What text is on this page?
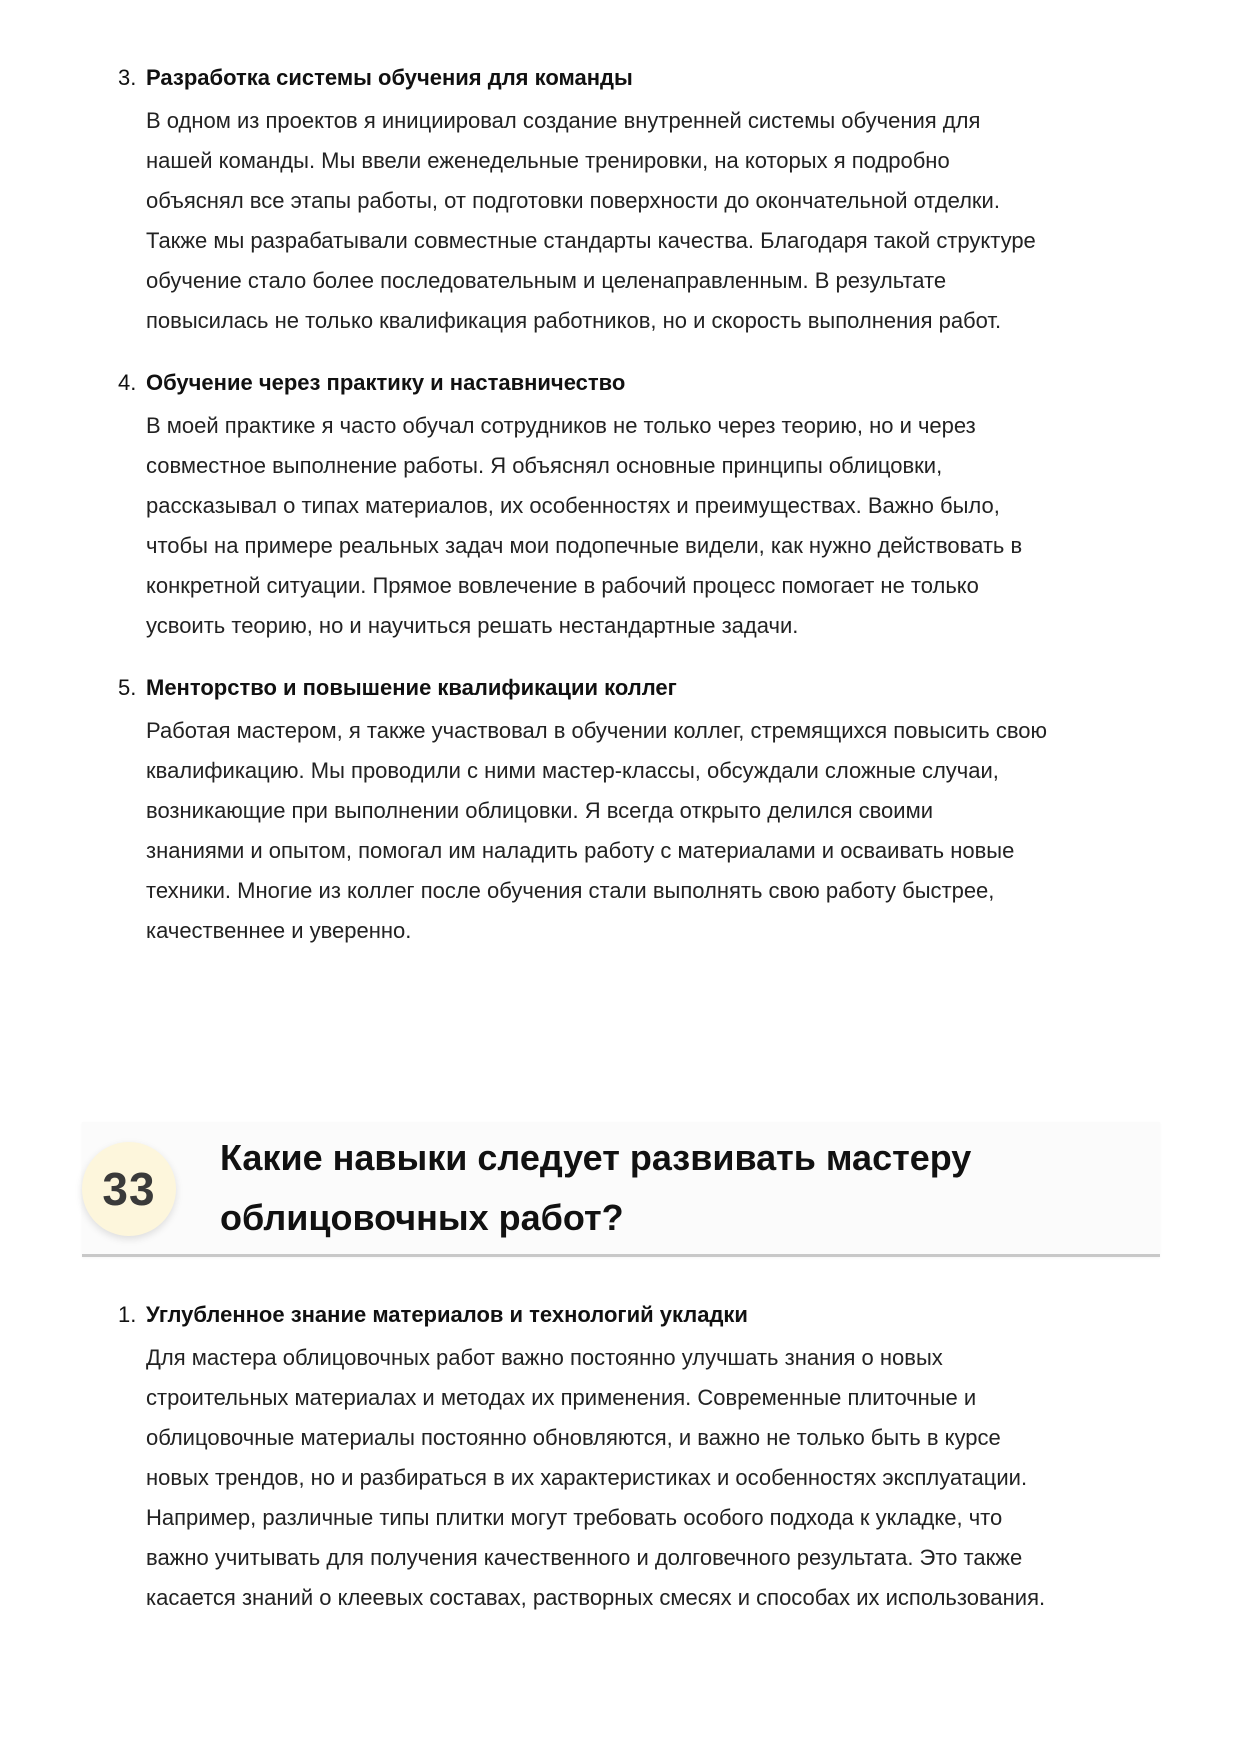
3. Разработка системы обучения для команды

В одном из проектов я инициировал создание внутренней системы обучения для
нашей команды. Мы ввели еженедельные тренировки, на которых я подробно
объяснял все этапы работы, от подготовки поверхности до окончательной отделки.
Также мы разрабатывали совместные стандарты качества. Благодаря такой структуре
обучение стало более последовательным и целенаправленным. В результате
повысилась не только квалификация работников, но и скорость выполнения работ.

4. Обучение через практику и наставничество

В моей практике я часто обучал сотрудников не только через теорию, но и через
совместное выполнение работы. Я объяснял основные принципы облицовки,
рассказывал о типах материалов, их особенностях и преимуществах. Важно было,
чтобы на примере реальных задач мои подопечные видели, как нужно действовать в
конкретной ситуации. Прямое вовлечение в рабочий процесс помогает не только
усвоить теорию, но и научиться решать нестандартные задачи.

5. Менторство и повышение квалификации коллег

Работая мастером, я также участвовал в обучении коллег, стремящихся повысить свою
квалификацию. Мы проводили с ними мастер-классы, обсуждали сложные случаи,
возникающие при выполнении облицовки. Я всегда открыто делился своими
знаниями и опытом, помогал им наладить работу с материалами и осваивать новые
техники. Многие из коллег после обучения стали выполнять свою работу быстрее,
качественнее и уверенно.

33
Какие навыки следует развивать мастеру
облицовочных работ?
1. Углубленное знание материалов и технологий укладки

Для мастера облицовочных работ важно постоянно улучшать знания о новых
строительных материалах и методах их применения. Современные плиточные и
облицовочные материалы постоянно обновляются, и важно не только быть в курсе
новых трендов, но и разбираться в их характеристиках и особенностях эксплуатации.
Например, различные типы плитки могут требовать особого подхода к укладке, что
важно учитывать для получения качественного и долговечного результата. Это также
касается знаний о клеевых составах, растворных смесях и способах их использования.
